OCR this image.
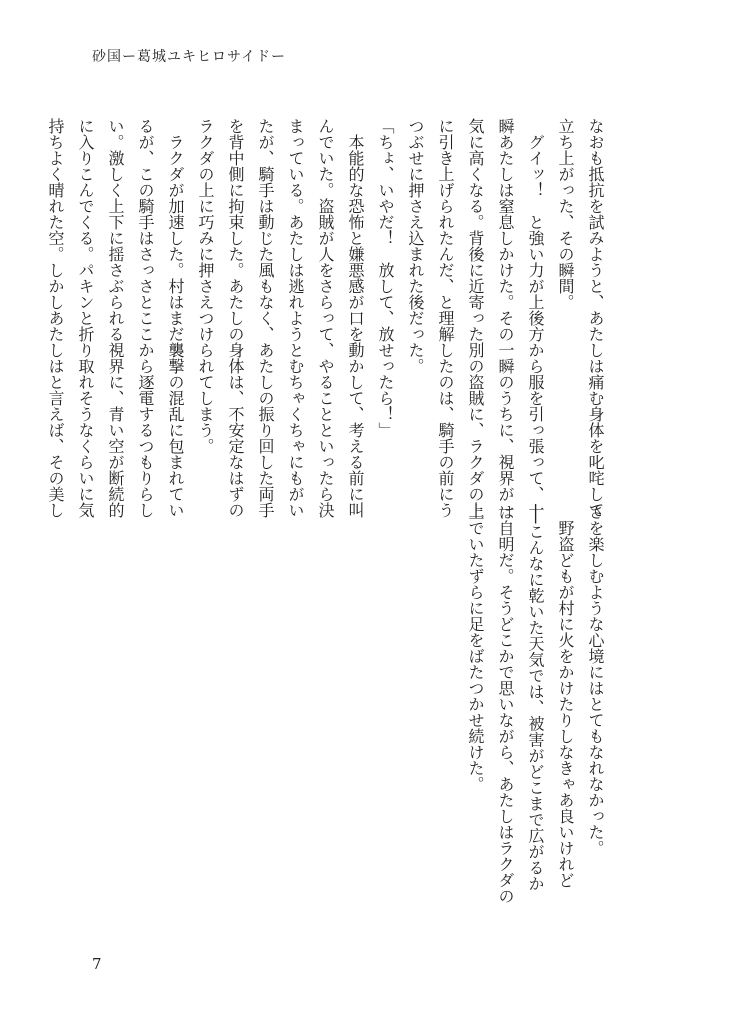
砂国ー葛城ユキヒロサイドー
なおも抵抗を試みようと、あたしは痛む身体を叱咤して
立ち上がった、その瞬間。
　グイッ！　と強い力が上後方から服を引っ張って、一
瞬あたしは窒息しかけた。その一瞬のうちに、視界が一
気に高くなる。背後に近寄った別の盗賊に、ラクダの上
に引き上げられたんだ、と理解したのは、騎手の前にう
つぶせに押さえ込まれた後だった。
「ちょ、いやだ！　放して、放せったら！」
　本能的な恐怖と嫌悪感が口を動かして、考える前に叫
んでいた。盗賊が人をさらって、やることといったら決
まっている。あたしは逃れようとむちゃくちゃにもがい
たが、騎手は動じた風もなく、あたしの振り回した両手
を背中側に拘束した。あたしの身体は、不安定なはずの
ラクダの上に巧みに押さえつけられてしまう。
　ラクダが加速した。村はまだ襲撃の混乱に包まれてい
るが、この騎手はさっさとここから逐電するつもりらし
い。激しく上下に揺さぶられる視界に、青い空が断続的
に入りこんでくる。パキンと折り取れそうなくらいに気
持ちよく晴れた空。しかしあたしはと言えば、その美し
さを楽しむような心境にはとてもなれなかった。
　野盗どもが村に火をかけたりしなきゃあ良いけれど
──こんなに乾いた天気では、被害がどこまで広がるか
は自明だ。そうどこかで思いながら、あたしはラクダの
上でいたずらに足をばたつかせ続けた。
7
